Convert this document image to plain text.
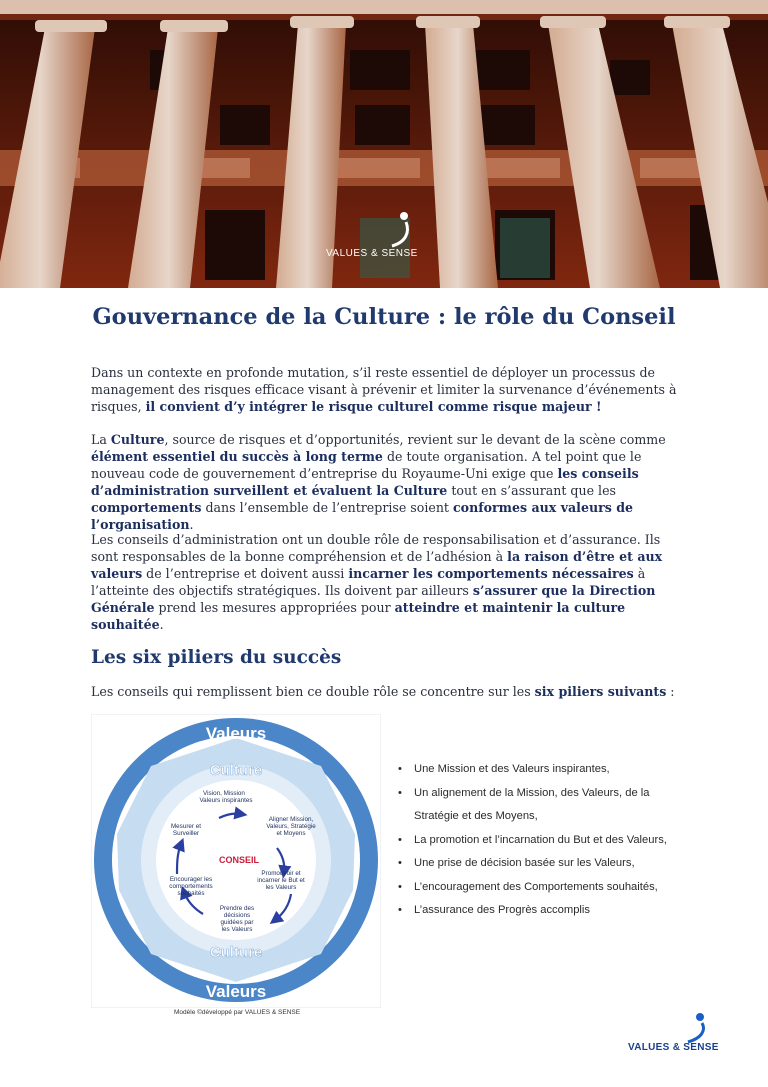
VALUES & SENSE
Gouvernance de la Culture : le rôle du Conseil

Dans un contexte en profonde mutation, s’il reste essentiel de déployer un processus de management des risques efficace visant à prévenir et limiter la survenance d’événements à risques, il convient d’y intégrer le risque culturel comme risque majeur !

La Culture, source de risques et d’opportunités, revient sur le devant de la scène comme élément essentiel du succès à long terme de toute organisation. A tel point que le nouveau code de gouvernement d’entreprise du Royaume-Uni exige que les conseils d’administration surveillent et évaluent la Culture tout en s’assurant que les comportements dans l’ensemble de l’entreprise soient conformes aux valeurs de l’organisation.

Les conseils d’administration ont un double rôle de responsabilisation et d’assurance. Ils sont responsables de la bonne compréhension et de l’adhésion à la raison d’être et aux valeurs de l’entreprise et doivent aussi incarner les comportements nécessaires à l’atteinte des objectifs stratégiques. Ils doivent par ailleurs s’assurer que la Direction Générale prend les mesures appropriées pour atteindre et maintenir la culture souhaitée.

Les six piliers du succès

Les conseils qui remplissent bien ce double rôle se concentre sur les six piliers suivants :

Valeurs
Valeurs
Culture
Culture
CONSEIL
Vision, Mission
Valeurs inspirantes
Aligner Mission,
Valeurs, Stratégie
et Moyens
Promouvoir et
incarner le But et
les Valeurs
Prendre des
décisions
guidées par
les Valeurs
Encourager les
comportements
souhaités
Mesurer et
Surveiller
Modèle ©développé par VALUES & SENSE
• Une Mission et des Valeurs inspirantes,
• Un alignement de la Mission, des Valeurs, de la Stratégie et des Moyens,
• La promotion et l’incarnation du But et des Valeurs,
• Une prise de décision basée sur les Valeurs,
• L’encouragement des Comportements souhaités,
• L’assurance des Progrès accomplis
VALUES & SENSE
